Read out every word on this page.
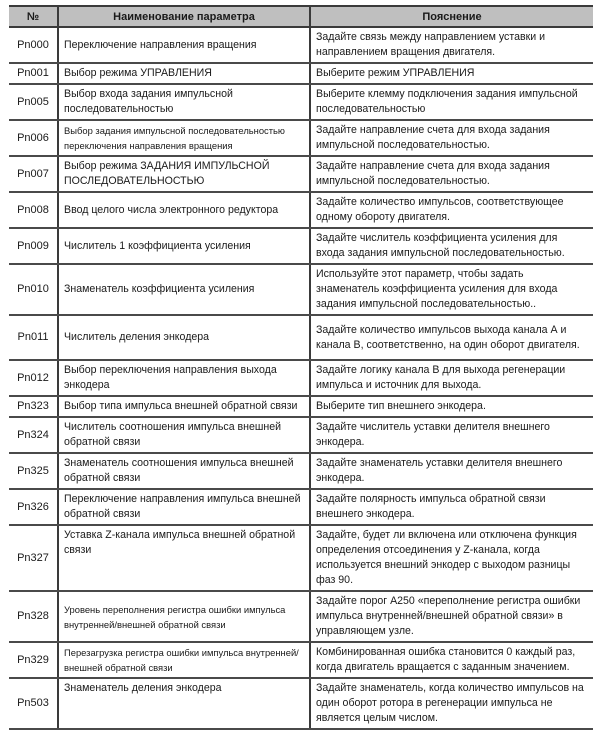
№	Наименование параметра	Пояснение
Pn000	Переключение направления вращения	Задайте связь между направлением уставки и направлением вращения двигателя.
Pn001	Выбор режима УПРАВЛЕНИЯ	Выберите режим УПРАВЛЕНИЯ
Pn005	Выбор входа задания импульсной последовательностью	Выберите клемму подключения задания импульсной последовательностью
Pn006	Выбор задания импульсной последовательностью переключения направления вращения	Задайте направление счета для входа задания импульсной последовательностью.
Pn007	Выбор режима ЗАДАНИЯ ИМПУЛЬСНОЙ ПОСЛЕДОВАТЕЛЬНОСТЬЮ	Задайте направление счета для входа задания импульсной последовательностью.
Pn008	Ввод целого числа электронного редуктора	Задайте количество импульсов, соответствующее одному обороту двигателя.
Pn009	Числитель 1 коэффициента усиления	Задайте числитель коэффициента усиления для входа задания импульсной последовательностью.
Pn010	Знаменатель коэффициента усиления	Используйте этот параметр, чтобы задать знаменатель коэффициента усиления для входа задания импульсной последовательностью..
Pn011	Числитель деления энкодера	Задайте количество импульсов выхода канала А и канала В, соответственно, на один оборот двигателя.
Pn012	Выбор переключения направления выхода энкодера	Задайте логику канала В для выхода регенерации импульса и источник для выхода.
Pn323	Выбор типа импульса внешней обратной связи	Выберите тип внешнего энкодера.
Pn324	Числитель соотношения импульса внешней обратной связи	Задайте числитель уставки делителя внешнего энкодера.
Pn325	Знаменатель соотношения импульса внешней обратной связи	Задайте знаменатель уставки делителя внешнего энкодера.
Pn326	Переключение направления импульса внешней обратной связи	Задайте полярность импульса обратной связи внешнего энкодера.
Pn327	Уставка Z-канала импульса внешней обратной связи	Задайте, будет ли включена или отключена функция определения отсоединения у Z-канала, когда используется внешний энкодер с выходом разницы фаз 90.
Pn328	Уровень переполнения регистра ошибки импульса внутренней/внешней обратной связи	Задайте порог А250 «переполнение регистра ошибки импульса внутренней/внешней обратной связи» в управляющем узле.
Pn329	Перезагрузка регистра ошибки импульса внутренней/внешней обратной связи	Комбинированная ошибка становится 0 каждый раз, когда двигатель вращается с заданным значением.
Pn503	Знаменатель деления энкодера	Задайте знаменатель, когда количество импульсов на один оборот ротора в регенерации импульса не является целым числом.
